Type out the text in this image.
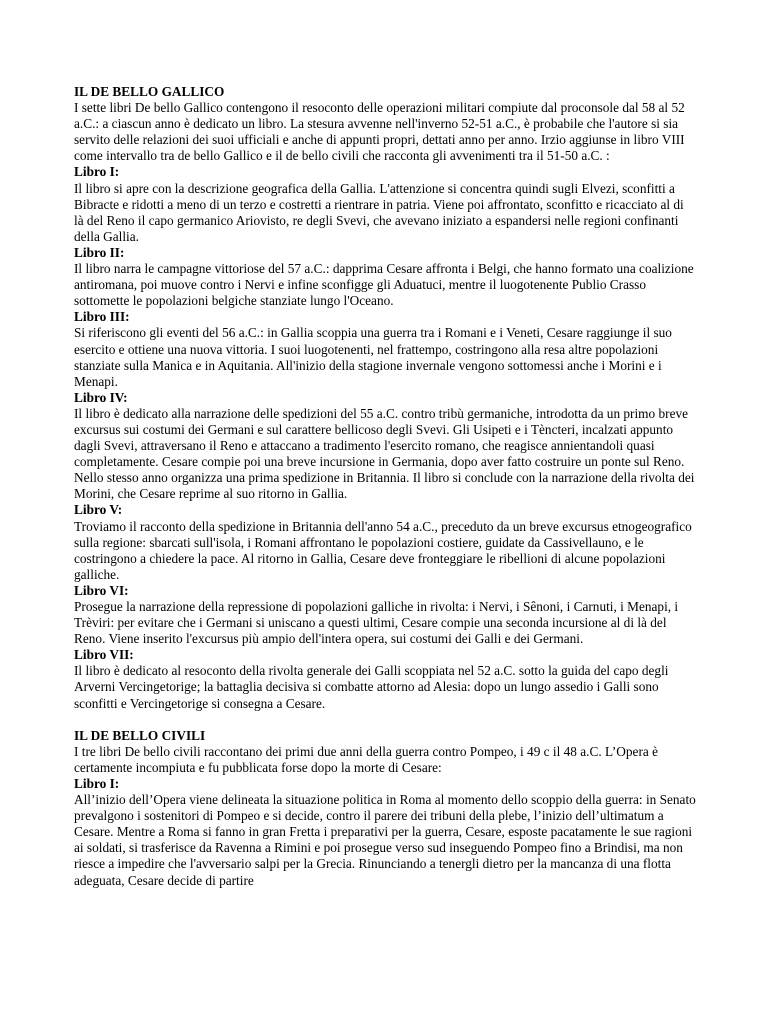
IL DE BELLO GALLICO
I sette libri De bello Gallico contengono il resoconto delle operazioni militari compiute dal proconsole dal 58 al 52 a.C.: a ciascun anno è dedicato un libro. La stesura avvenne nell'inverno 52-51 a.C., è probabile che l'autore si sia servito delle relazioni dei suoi ufficiali e anche di appunti propri, dettati anno per anno. Irzio aggiunse in libro VIII come intervallo tra de bello Gallico e il de bello civili che racconta gli avvenimenti tra il 51-50 a.C. :
Libro I:
Il libro si apre con la descrizione geografica della Gallia. L'attenzione si concentra quindi sugli Elvezi, sconfitti a Bibracte e ridotti a meno di un terzo e costretti a rientrare in patria. Viene poi affrontato, sconfitto e ricacciato al di là del Reno il capo germanico Ariovisto, re degli Svevi, che avevano iniziato a espandersi nelle regioni confinanti della Gallia.
Libro II:
Il libro narra le campagne vittoriose del 57 a.C.: dapprima Cesare affronta i Belgi, che hanno formato una coalizione antiromana, poi muove contro i Nervi e infine sconfigge gli Aduatuci, mentre il luogotenente Publio Crasso sottomette le popolazioni belgiche stanziate lungo l'Oceano.
Libro III:
Si riferiscono gli eventi del 56 a.C.: in Gallia scoppia una guerra tra i Romani e i Veneti, Cesare raggiunge il suo esercito e ottiene una nuova vittoria. I suoi luogotenenti, nel frattempo, costringono alla resa altre popolazioni stanziate sulla Manica e in Aquitania. All'inizio della stagione invernale vengono sottomessi anche i Morini e i Menapi.
Libro IV:
Il libro è dedicato alla narrazione delle spedizioni del 55 a.C. contro tribù germaniche, introdotta da un primo breve excursus sui costumi dei Germani e sul carattere bellicoso degli Svevi. Gli Usipeti e i Tèncteri, incalzati appunto dagli Svevi, attraversano il Reno e attaccano a tradimento l'esercito romano, che reagisce annientandoli quasi completamente. Cesare compie poi una breve incursione in Germania, dopo aver fatto costruire un ponte sul Reno. Nello stesso anno organizza una prima spedizione in Britannia. Il libro si conclude con la narrazione della rivolta dei Morini, che Cesare reprime al suo ritorno in Gallia.
Libro V:
Troviamo il racconto della spedizione in Britannia dell'anno 54 a.C., preceduto da un breve excursus etnogeografico sulla regione: sbarcati sull'isola, i Romani affrontano le popolazioni costiere, guidate da Cassivellauno, e le costringono a chiedere la pace. Al ritorno in Gallia, Cesare deve fronteggiare le ribellioni di alcune popolazioni galliche.
Libro VI:
Prosegue la narrazione della repressione di popolazioni galliche in rivolta: i Nervi, i Sênoni, i Carnuti, i Menapi, i Trèviri: per evitare che i Germani si uniscano a questi ultimi, Cesare compie una seconda incursione al di là del Reno. Viene inserito l'excursus più ampio dell'intera opera, sui costumi dei Galli e dei Germani.
Libro VII:
Il libro è dedicato al resoconto della rivolta generale dei Galli scoppiata nel 52 a.C. sotto la guida del capo degli Arverni Vercingetorige; la battaglia decisiva si combatte attorno ad Alesia: dopo un lungo assedio i Galli sono sconfitti e Vercingetorige si consegna a Cesare.
IL DE BELLO CIVILI
I tre libri De bello civili raccontano dei primi due anni della guerra contro Pompeo, i 49 c il 48 a.C. L’Opera è certamente incompiuta e fu pubblicata forse dopo la morte di Cesare:
Libro I:
All’inizio dell’Opera viene delineata la situazione politica in Roma al momento dello scoppio della guerra: in Senato prevalgono i sostenitori di Pompeo e si decide, contro il parere dei tribuni della plebe, l’inizio dell’ultimatum a Cesare. Mentre a Roma si fanno in gran Fretta i preparativi per la guerra, Cesare, esposte pacatamente le sue ragioni ai soldati, si trasferisce da Ravenna a Rimini e poi prosegue verso sud inseguendo Pompeo fino a Brindisi, ma non riesce a impedire che l'avversario salpi per la Grecia. Rinunciando a tenergli dietro per la mancanza di una flotta adeguata, Cesare decide di partire
